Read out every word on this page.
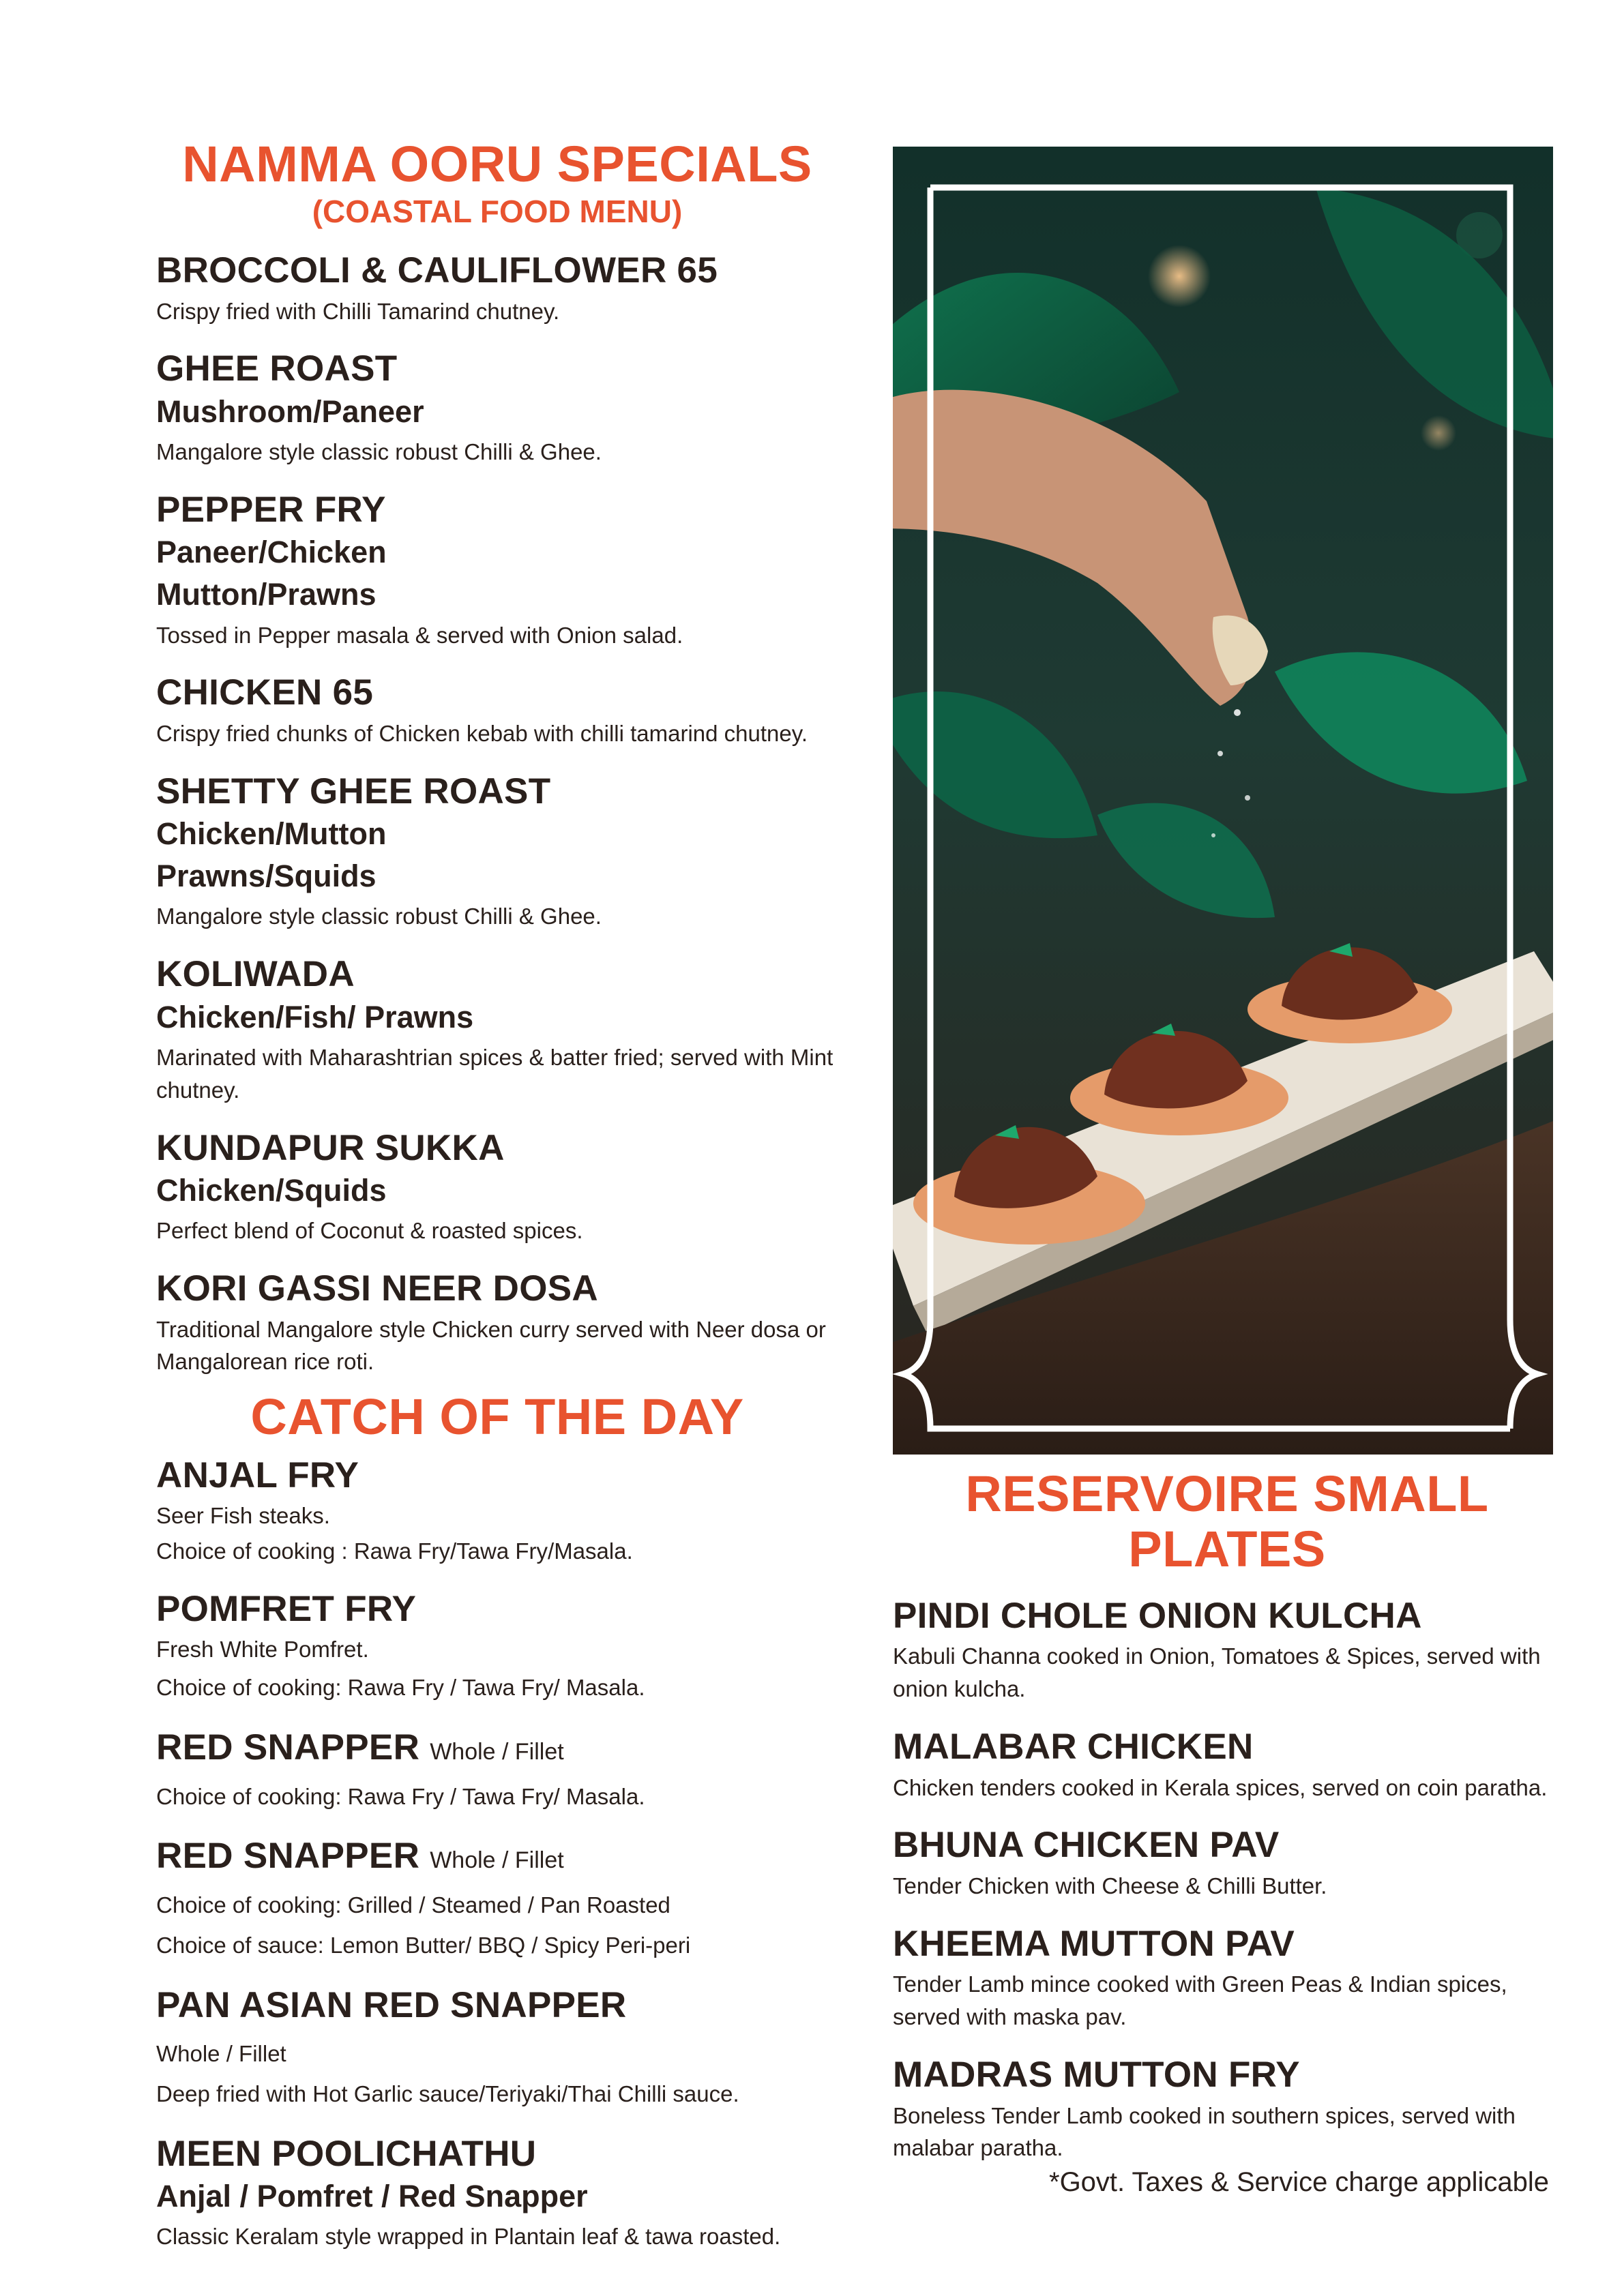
NAMMA OORU SPECIALS
(COASTAL FOOD MENU)
BROCCOLI & CAULIFLOWER 65
Crispy fried with Chilli Tamarind chutney.
GHEE ROAST
Mushroom/Paneer
Mangalore style classic robust Chilli & Ghee.
PEPPER FRY
Paneer/Chicken
Mutton/Prawns
Tossed in Pepper masala & served with Onion salad.
CHICKEN 65
Crispy fried chunks of Chicken kebab with chilli tamarind chutney.
SHETTY GHEE ROAST
Chicken/Mutton
Prawns/Squids
Mangalore style classic robust Chilli & Ghee.
KOLIWADA
Chicken/Fish/ Prawns
Marinated with Maharashtrian spices & batter fried; served with Mint chutney.
KUNDAPUR SUKKA
Chicken/Squids
Perfect blend of Coconut & roasted spices.
KORI GASSI NEER DOSA
Traditional Mangalore style Chicken curry served with Neer dosa or Mangalorean rice roti.
CATCH OF THE DAY
ANJAL FRY
Seer Fish steaks.
Choice of cooking : Rawa Fry/Tawa Fry/Masala.
POMFRET FRY
Fresh White Pomfret.
Choice of cooking: Rawa Fry / Tawa Fry/ Masala.
RED SNAPPER Whole / Fillet
Choice of cooking: Rawa Fry / Tawa Fry/ Masala.
RED SNAPPER Whole / Fillet
Choice of cooking: Grilled / Steamed / Pan Roasted
Choice of sauce: Lemon Butter/ BBQ / Spicy Peri-peri
PAN ASIAN RED SNAPPER
Whole / Fillet
Deep fried with Hot Garlic sauce/Teriyaki/Thai Chilli sauce.
MEEN POOLICHATHU
Anjal / Pomfret / Red Snapper
Classic Keralam style wrapped in Plantain leaf & tawa roasted.
RESERVOIRE SMALL PLATES
PINDI CHOLE ONION KULCHA
Kabuli Channa cooked in Onion, Tomatoes & Spices, served with onion kulcha.
MALABAR CHICKEN
Chicken tenders cooked in Kerala spices, served on coin paratha.
BHUNA CHICKEN PAV
Tender Chicken with Cheese & Chilli Butter.
KHEEMA MUTTON PAV
Tender Lamb mince cooked with Green Peas & Indian spices, served with maska pav.
MADRAS MUTTON FRY
Boneless Tender Lamb cooked in southern spices, served with malabar paratha.
*Govt. Taxes & Service charge applicable
